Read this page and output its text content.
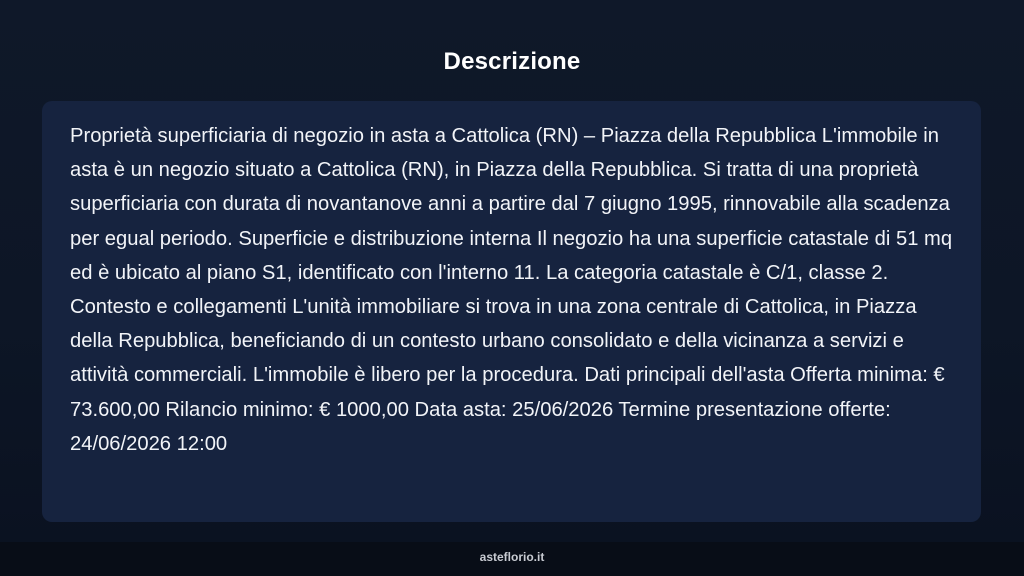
Descrizione

Proprietà superficiaria di negozio in asta a Cattolica (RN) – Piazza della Repubblica L'immobile in asta è un negozio situato a Cattolica (RN), in Piazza della Repubblica. Si tratta di una proprietà superficiaria con durata di novantanove anni a partire dal 7 giugno 1995, rinnovabile alla scadenza per egual periodo. Superficie e distribuzione interna Il negozio ha una superficie catastale di 51 mq ed è ubicato al piano S1, identificato con l'interno 11. La categoria catastale è C/1, classe 2. Contesto e collegamenti L'unità immobiliare si trova in una zona centrale di Cattolica, in Piazza della Repubblica, beneficiando di un contesto urbano consolidato e della vicinanza a servizi e attività commerciali. L'immobile è libero per la procedura. Dati principali dell'asta Offerta minima: € 73.600,00 Rilancio minimo: € 1000,00 Data asta: 25/06/2026 Termine presentazione offerte: 24/06/2026 12:00

asteflorio.it
